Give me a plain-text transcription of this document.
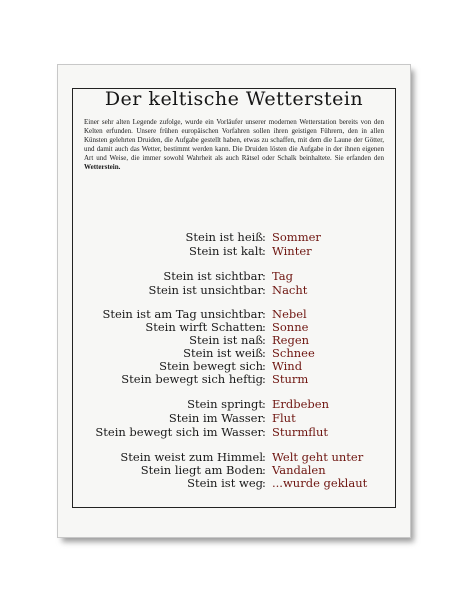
Der keltische Wetterstein

Einer sehr alten Legende zufolge, wurde ein Vorläufer unserer modernen Wetterstation bereits von den Kelten erfunden. Unsere frühen europäischen Vorfahren sollen ihren geistigen Führern, den in allen Künsten gelehrten Druiden, die Aufgabe gestellt haben, etwas zu schaffen, mit dem die Laune der Götter, und damit auch das Wetter, bestimmt werden kann. Die Druiden lösten die Aufgabe in der ihnen eigenen Art und Weise, die immer sowohl Wahrheit als auch Rätsel oder Schalk beinhaltete. Sie erfanden den Wetterstein.

Stein ist heiß : Sommer
Stein ist kalt : Winter
Stein ist sichtbar : Tag
Stein ist unsichtbar : Nacht
Stein ist am Tag unsichtbar : Nebel
Stein wirft Schatten : Sonne
Stein ist naß : Regen
Stein ist weiß : Schnee
Stein bewegt sich : Wind
Stein bewegt sich heftig : Sturm
Stein springt : Erdbeben
Stein im Wasser : Flut
Stein bewegt sich im Wasser : Sturmflut
Stein weist zum Himmel : Welt geht unter
Stein liegt am Boden : Vandalen
Stein ist weg : ...wurde geklaut
